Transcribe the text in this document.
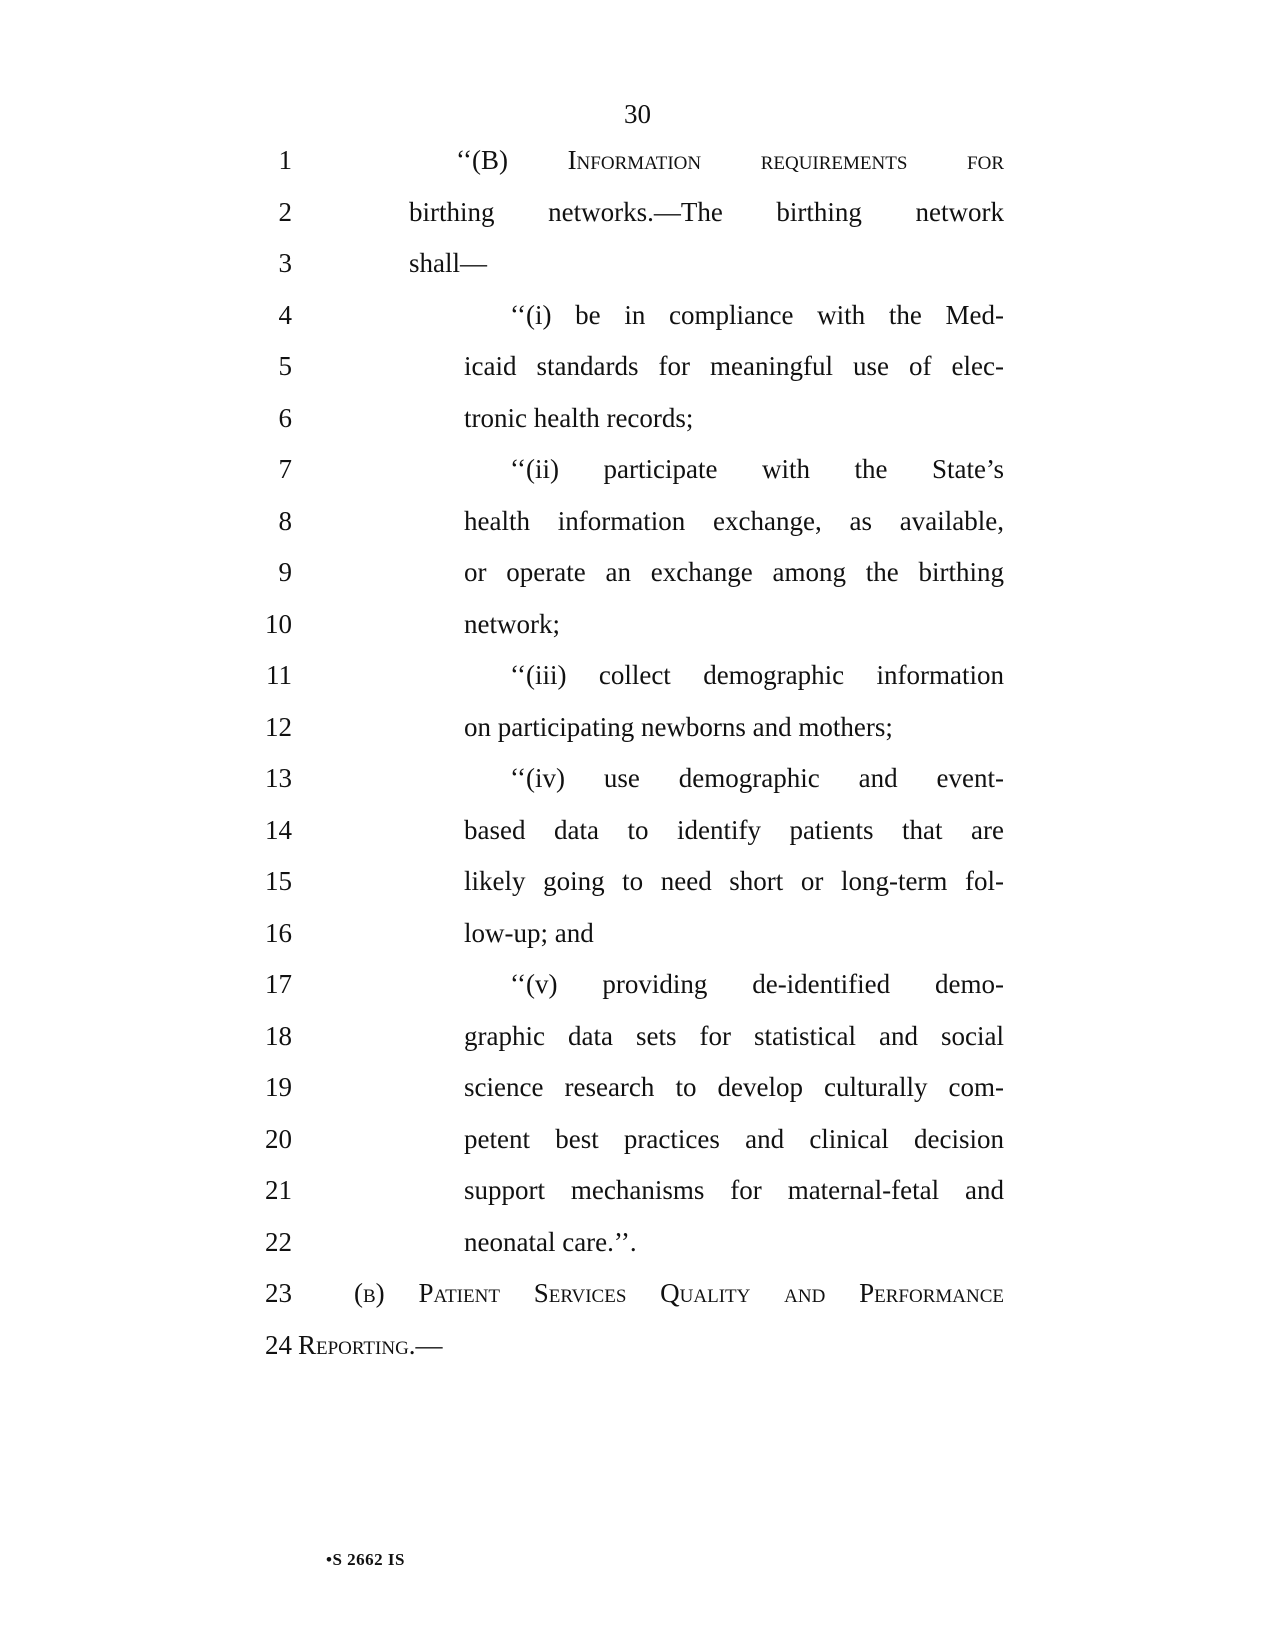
30
1	‘‘(B) Information requirements for
2	birthing networks.—The birthing network
3	shall—
4	‘‘(i) be in compliance with the Med-
5	icaid standards for meaningful use of elec-
6	tronic health records;
7	‘‘(ii) participate with the State’s
8	health information exchange, as available,
9	or operate an exchange among the birthing
10	network;
11	‘‘(iii) collect demographic information
12	on participating newborns and mothers;
13	‘‘(iv) use demographic and event-
14	based data to identify patients that are
15	likely going to need short or long-term fol-
16	low-up; and
17	‘‘(v) providing de-identified demo-
18	graphic data sets for statistical and social
19	science research to develop culturally com-
20	petent best practices and clinical decision
21	support mechanisms for maternal-fetal and
22	neonatal care.’’.
23 (b) Patient Services Quality and Performance
24 Reporting.—
•S 2662 IS
